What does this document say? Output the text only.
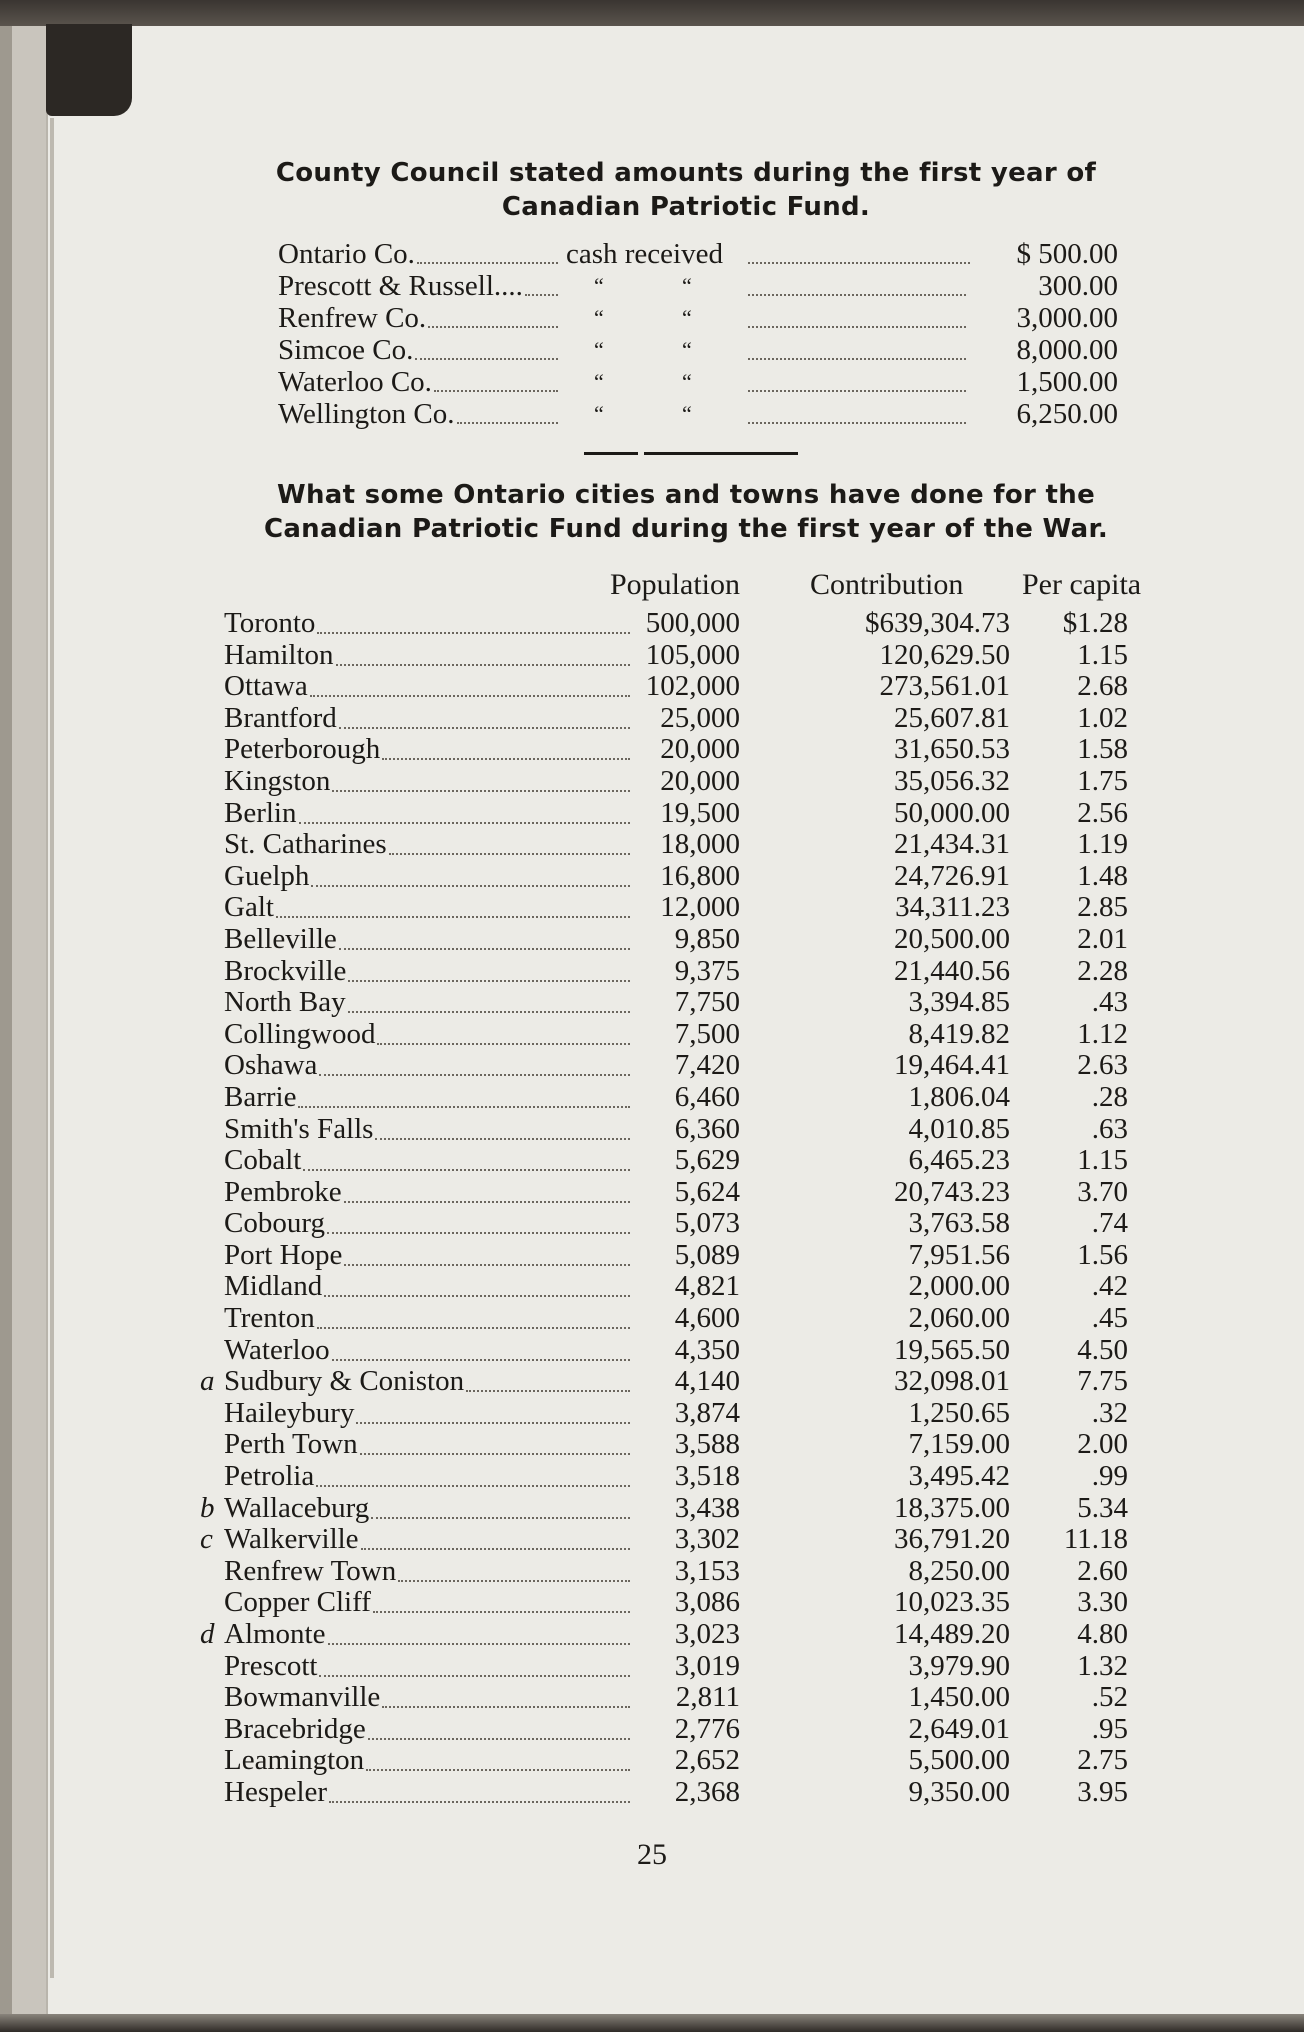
County Council stated amounts during the first year of
Canadian Patriotic Fund.
Ontario Co.	cash received	$ 500.00
Prescott & Russell....	“	“	300.00
Renfrew Co.	“	“	3,000.00
Simcoe Co.	“	“	8,000.00
Waterloo Co.	“	“	1,500.00
Wellington Co.	“	“	6,250.00
What some Ontario cities and towns have done for the
Canadian Patriotic Fund during the first year of the War.
Population Contribution Per capita
Toronto	500,000	$639,304.73	$1.28
Hamilton	105,000	120,629.50	1.15
Ottawa	102,000	273,561.01	2.68
Brantford	25,000	25,607.81	1.02
Peterborough	20,000	31,650.53	1.58
Kingston	20,000	35,056.32	1.75
Berlin	19,500	50,000.00	2.56
St. Catharines	18,000	21,434.31	1.19
Guelph	16,800	24,726.91	1.48
Galt	12,000	34,311.23	2.85
Belleville	9,850	20,500.00	2.01
Brockville	9,375	21,440.56	2.28
North Bay	7,750	3,394.85	.43
Collingwood	7,500	8,419.82	1.12
Oshawa	7,420	19,464.41	2.63
Barrie	6,460	1,806.04	.28
Smith's Falls	6,360	4,010.85	.63
Cobalt	5,629	6,465.23	1.15
Pembroke	5,624	20,743.23	3.70
Cobourg	5,073	3,763.58	.74
Port Hope	5,089	7,951.56	1.56
Midland	4,821	2,000.00	.42
Trenton	4,600	2,060.00	.45
Waterloo	4,350	19,565.50	4.50
a Sudbury & Coniston	4,140	32,098.01	7.75
Haileybury	3,874	1,250.65	.32
Perth Town	3,588	7,159.00	2.00
Petrolia	3,518	3,495.42	.99
b Wallaceburg	3,438	18,375.00	5.34
c Walkerville	3,302	36,791.20	11.18
Renfrew Town	3,153	8,250.00	2.60
Copper Cliff	3,086	10,023.35	3.30
d Almonte	3,023	14,489.20	4.80
Prescott	3,019	3,979.90	1.32
Bowmanville	2,811	1,450.00	.52
Bracebridge	2,776	2,649.01	.95
Leamington	2,652	5,500.00	2.75
Hespeler	2,368	9,350.00	3.95
25
